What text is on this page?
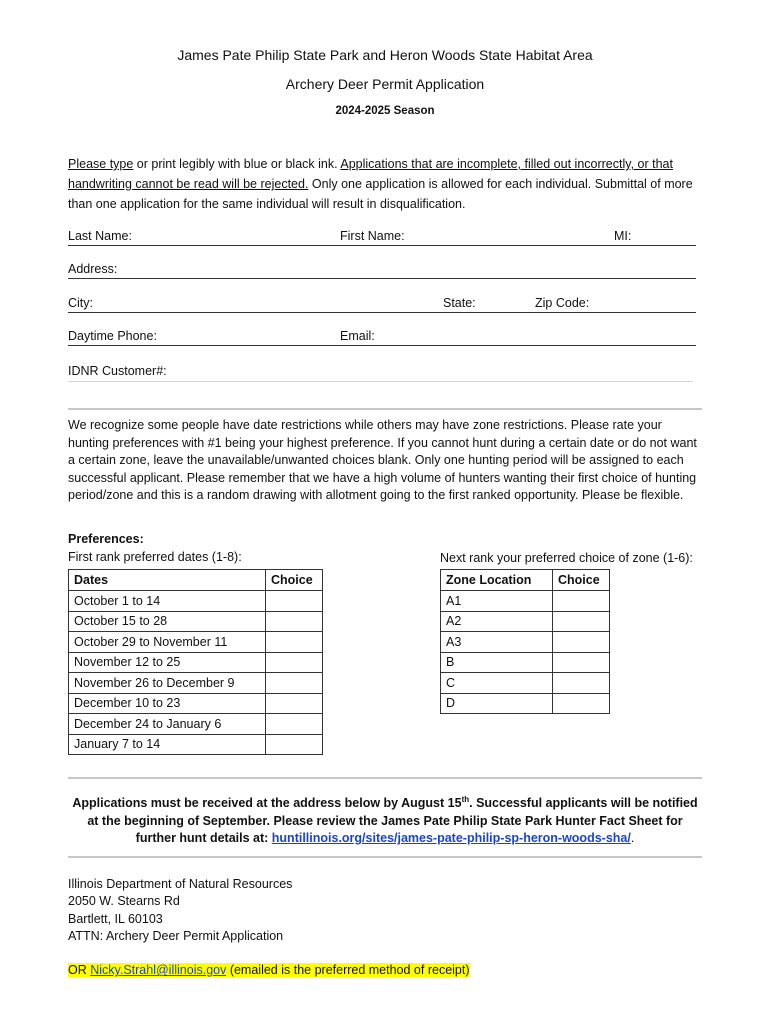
James Pate Philip State Park and Heron Woods State Habitat Area
Archery Deer Permit Application
2024-2025 Season
Please type or print legibly with blue or black ink. Applications that are incomplete, filled out incorrectly, or that handwriting cannot be read will be rejected. Only one application is allowed for each individual. Submittal of more than one application for the same individual will result in disqualification.
Last Name:	First Name:	MI:
Address:
City:	State:	Zip Code:
Daytime Phone:	Email:
IDNR Customer#:
We recognize some people have date restrictions while others may have zone restrictions. Please rate your hunting preferences with #1 being your highest preference. If you cannot hunt during a certain date or do not want a certain zone, leave the unavailable/unwanted choices blank. Only one hunting period will be assigned to each successful applicant. Please remember that we have a high volume of hunters wanting their first choice of hunting period/zone and this is a random drawing with allotment going to the first ranked opportunity. Please be flexible.
Preferences:
First rank preferred dates (1-8):	Next rank your preferred choice of zone (1-6):
Dates	Choice
October 1 to 14	
October 15 to 28	
October 29 to November 11	
November 12 to 25	
November 26 to December 9	
December 10 to 23	
December 24 to January 6	
January 7 to 14	
Zone Location	Choice
A1	
A2	
A3	
B	
C	
D	
Applications must be received at the address below by August 15th. Successful applicants will be notified at the beginning of September. Please review the James Pate Philip State Park Hunter Fact Sheet for further hunt details at: huntillinois.org/sites/james-pate-philip-sp-heron-woods-sha/.
Illinois Department of Natural Resources
2050 W. Stearns Rd
Bartlett, IL 60103
ATTN: Archery Deer Permit Application
OR Nicky.Strahl@illinois.gov (emailed is the preferred method of receipt)
